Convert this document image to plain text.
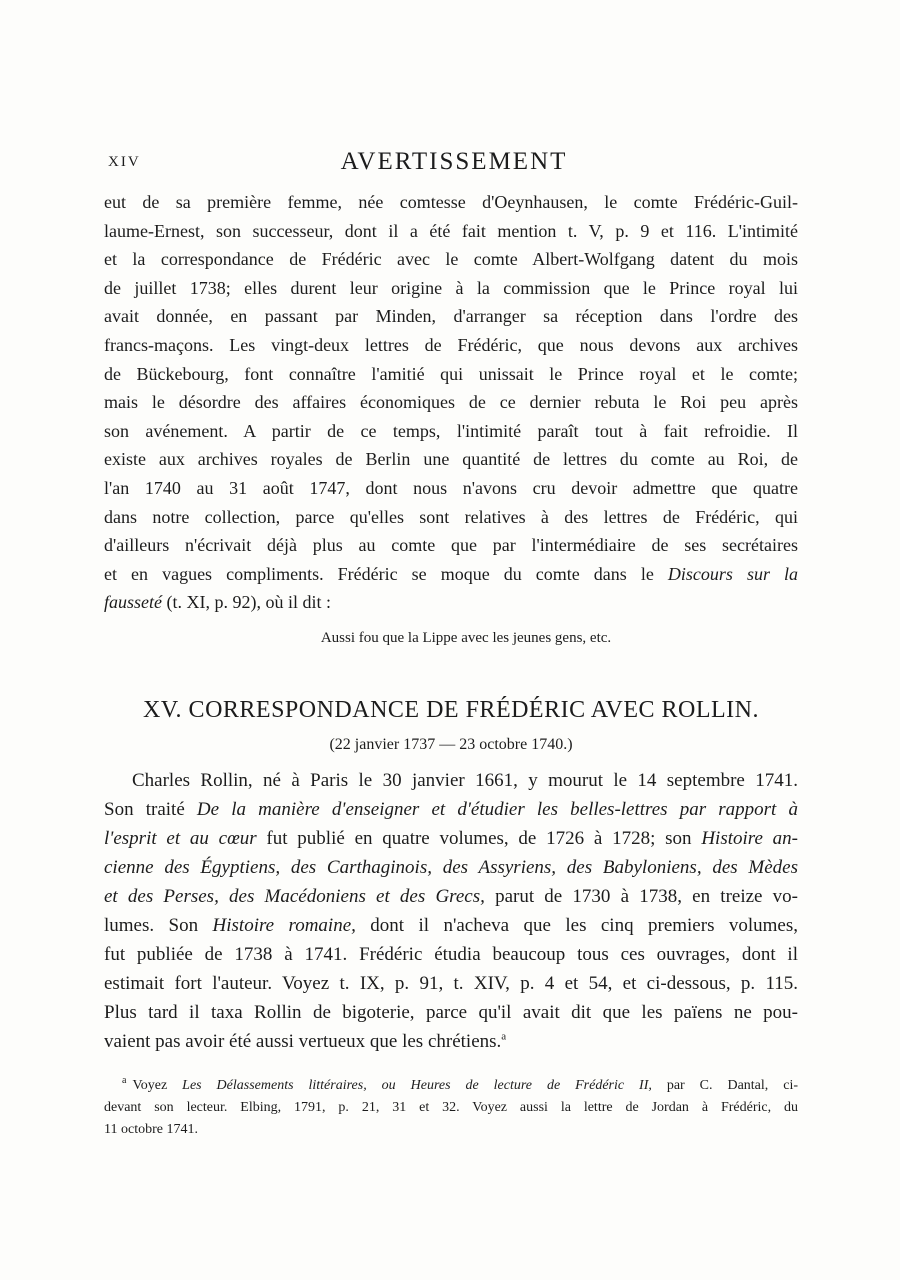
XIV	AVERTISSEMENT

eut de sa première femme, née comtesse d'Oeynhausen, le comte Frédéric-Guil-
laume-Ernest, son successeur, dont il a été fait mention t. V, p. 9 et 116. L'intimité
et la correspondance de Frédéric avec le comte Albert-Wolfgang datent du mois
de juillet 1738; elles durent leur origine à la commission que le Prince royal lui
avait donnée, en passant par Minden, d'arranger sa réception dans l'ordre des
francs-maçons. Les vingt-deux lettres de Frédéric, que nous devons aux archives
de Bückebourg, font connaître l'amitié qui unissait le Prince royal et le comte;
mais le désordre des affaires économiques de ce dernier rebuta le Roi peu après
son avénement. A partir de ce temps, l'intimité paraît tout à fait refroidie. Il
existe aux archives royales de Berlin une quantité de lettres du comte au Roi, de
l'an 1740 au 31 août 1747, dont nous n'avons cru devoir admettre que quatre
dans notre collection, parce qu'elles sont relatives à des lettres de Frédéric, qui
d'ailleurs n'écrivait déjà plus au comte que par l'intermédiaire de ses secrétaires
et en vagues compliments. Frédéric se moque du comte dans le Discours sur la
fausseté (t. XI, p. 92), où il dit :

Aussi fou que la Lippe avec les jeunes gens, etc.
XV. CORRESPONDANCE DE FRÉDÉRIC AVEC ROLLIN.
(22 janvier 1737 — 23 octobre 1740.)

Charles Rollin, né à Paris le 30 janvier 1661, y mourut le 14 septembre 1741.
Son traité De la manière d'enseigner et d'étudier les belles-lettres par rapport à
l'esprit et au cœur fut publié en quatre volumes, de 1726 à 1728; son Histoire an-
cienne des Égyptiens, des Carthaginois, des Assyriens, des Babyloniens, des Mèdes
et des Perses, des Macédoniens et des Grecs, parut de 1730 à 1738, en treize vo-
lumes. Son Histoire romaine, dont il n'acheva que les cinq premiers volumes,
fut publiée de 1738 à 1741. Frédéric étudia beaucoup tous ces ouvrages, dont il
estimait fort l'auteur. Voyez t. IX, p. 91, t. XIV, p. 4 et 54, et ci-dessous, p. 115.
Plus tard il taxa Rollin de bigoterie, parce qu'il avait dit que les païens ne pou-
vaient pas avoir été aussi vertueux que les chrétiens.$^a$

$^a$ Voyez Les Délassements littéraires, ou Heures de lecture de Frédéric II, par C. Dantal, ci-
devant son lecteur. Elbing, 1791, p. 21, 31 et 32. Voyez aussi la lettre de Jordan à Frédéric, du
11 octobre 1741.
